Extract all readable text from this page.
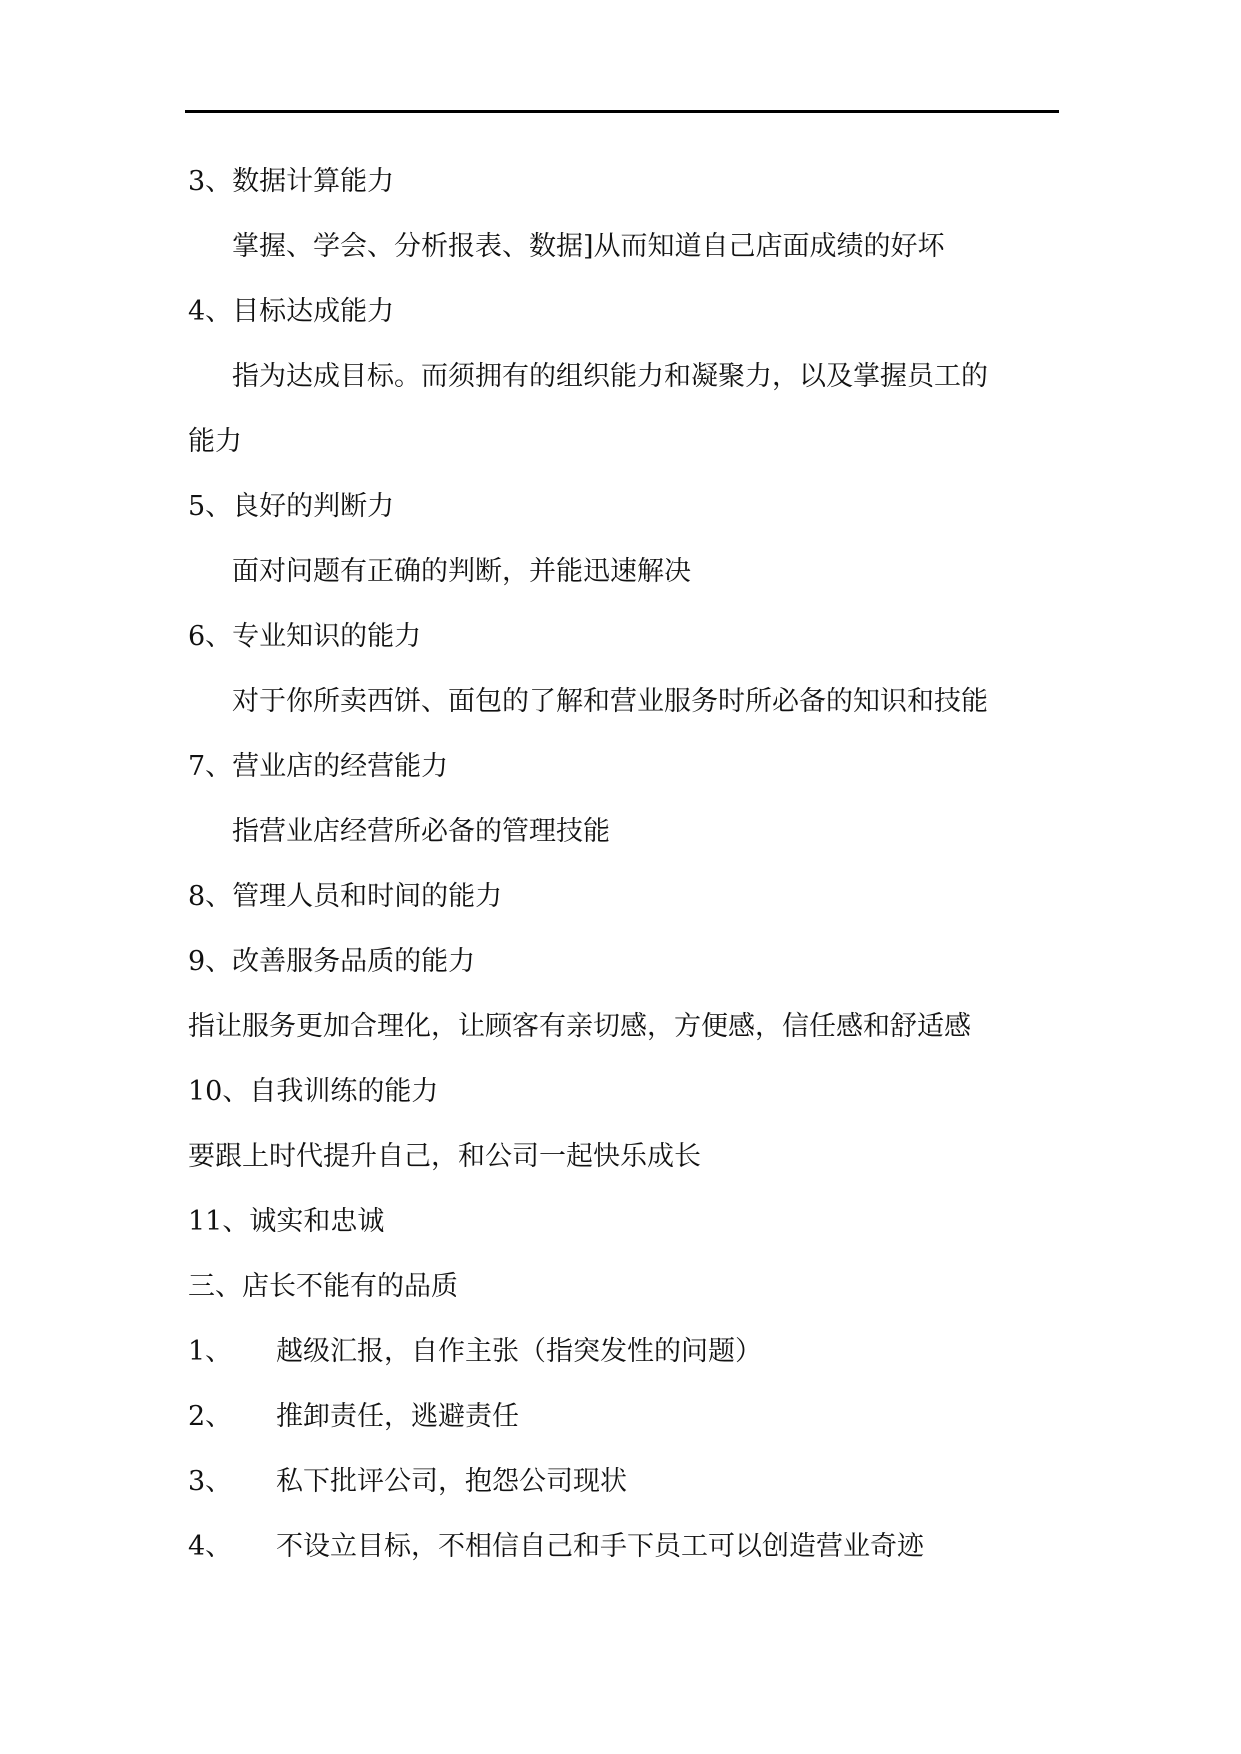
3、数据计算能力
掌握、学会、分析报表、数据]从而知道自己店面成绩的好坏
4、目标达成能力
指为达成目标。而须拥有的组织能力和凝聚力，以及掌握员工的
能力
5、良好的判断力
面对问题有正确的判断，并能迅速解决
6、专业知识的能力
对于你所卖西饼、面包的了解和营业服务时所必备的知识和技能
7、营业店的经营能力
指营业店经营所必备的管理技能
8、管理人员和时间的能力
9、改善服务品质的能力
指让服务更加合理化，让顾客有亲切感，方便感，信任感和舒适感
10、自我训练的能力
要跟上时代提升自己，和公司一起快乐成长
11、诚实和忠诚
三、店长不能有的品质
1、 越级汇报，自作主张（指突发性的问题）
2、 推卸责任，逃避责任
3、 私下批评公司，抱怨公司现状
4、 不设立目标，不相信自己和手下员工可以创造营业奇迹
